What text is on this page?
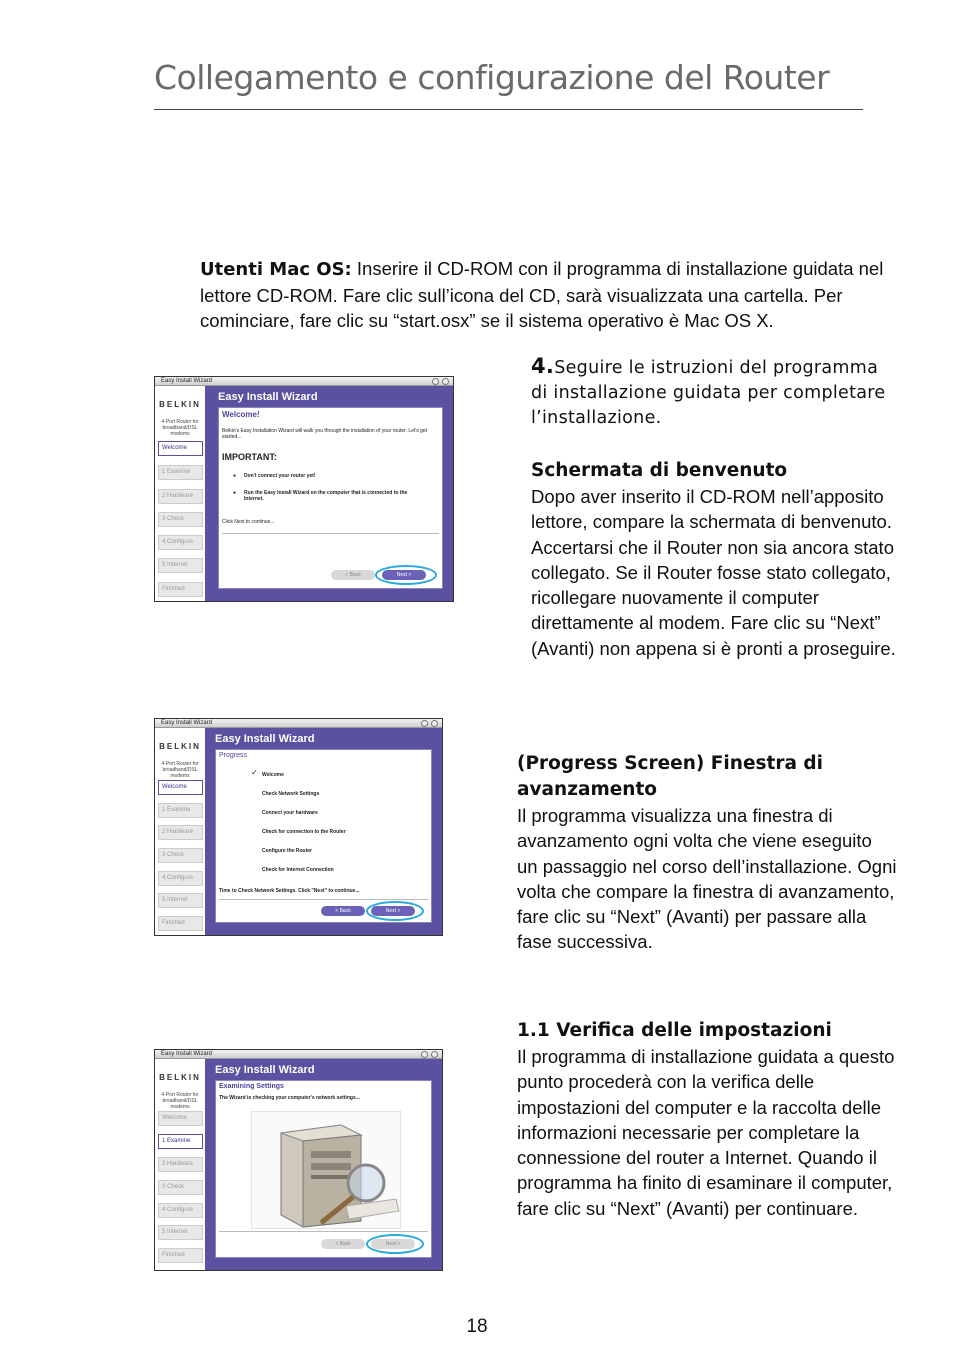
Collegamento e configurazione del Router
Utenti Mac OS: Inserire il CD-ROM con il programma di installazione guidata nel lettore CD-ROM. Fare clic sull’icona del CD, sarà visualizzata una cartella. Per cominciare, fare clic su “start.osx” se il sistema operativo è Mac OS X.
4.Seguire le istruzioni del programma di installazione guidata per completare l’installazione.
Schermata di benvenuto
Dopo aver inserito il CD-ROM nell’apposito lettore, compare la schermata di benvenuto. Accertarsi che il Router non sia ancora stato collegato. Se il Router fosse stato collegato, ricollegare nuovamente il computer direttamente al modem. Fare clic su “Next” (Avanti) non appena si è pronti a proseguire.
(Progress Screen) Finestra di avanzamento
Il programma visualizza una finestra di avanzamento ogni volta che viene eseguito un passaggio nel corso dell’installazione. Ogni volta che compare la finestra di avanzamento, fare clic su “Next” (Avanti) per passare alla fase successiva.
1.1 Verifica delle impostazioni
Il programma di installazione guidata a questo punto procederà con la verifica delle impostazioni del computer e la raccolta delle informazioni necessarie per completare la connessione del router a Internet. Quando il programma ha finito di esaminare il computer, fare clic su “Next” (Avanti) per continuare.
Easy Install Wizard
BELKIN
4-Port Router for broadband/DSL modems
Welcome
1 Examine
2 Hardware
3 Check
4 Configure
5 Internet
Finished
Easy Install Wizard
Welcome!
Belkin's Easy Installation Wizard will walk you through the installation of your router. Let's get started...
IMPORTANT:
● Don't connect your router yet!
● Run the Easy Install Wizard on the computer that is connected to the Internet.
Click Next to continue...
< Back	Next >
Easy Install Wizard
BELKIN
4-Port Router for broadband/DSL modems
Welcome
1 Examine
2 Hardware
3 Check
4 Configure
5 Internet
Finished
Easy Install Wizard
Progress
✓ Welcome
Check Network Settings
Connect your hardware
Check for connection to the Router
Configure the Router
Check for Internet Connection
Time to Check Network Settings. Click "Next" to continue...
< Back	Next >
Easy Install Wizard
BELKIN
4-Port Router for broadband/DSL modems
Welcome
1 Examine
2 Hardware
3 Check
4 Configure
5 Internet
Finished
Easy Install Wizard
Examining Settings
The Wizard is checking your computer's network settings...
< Back	Next >
18
